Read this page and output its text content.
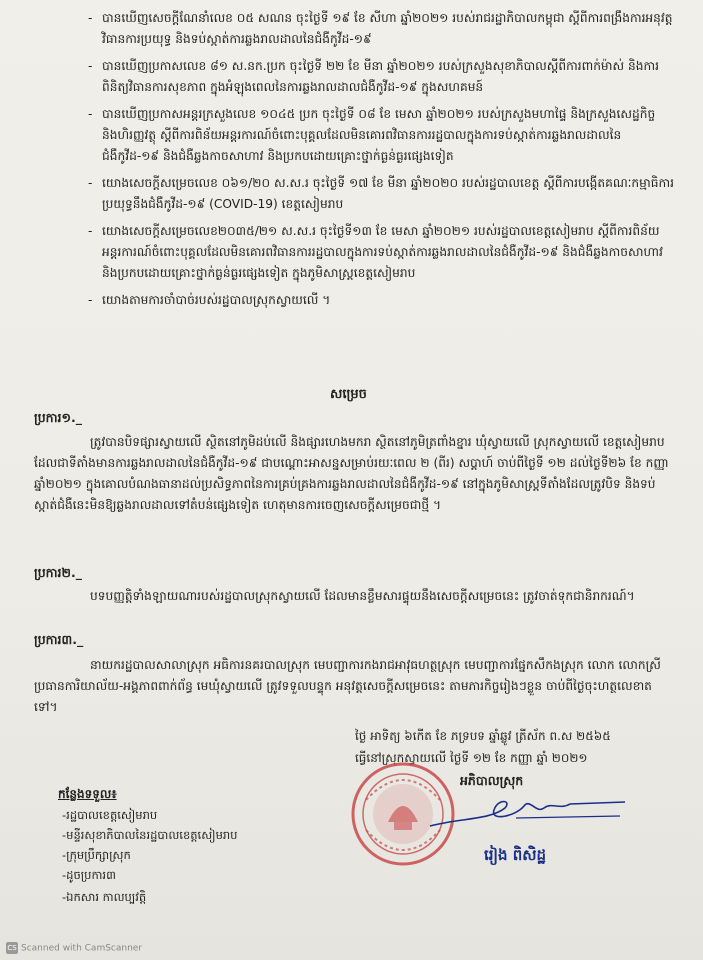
- បានឃើញសេចក្តីណែនាំលេខ ០៥ សណន ចុះថ្ងៃទី ១៩ ខែ សីហា ឆ្នាំ២០២១ របស់រាជរដ្ឋាភិបាលកម្ពុជា ស្តីពីការពង្រឹងការអនុវត្តវិធានការប្រយុទ្ធ និងទប់ស្កាត់ការឆ្លងរាលដាលនៃជំងឺកូវីដ-១៩
- បានឃើញប្រកាសលេខ ៨១ ស.នក.ប្រក ចុះថ្ងៃទី ២២ ខែ មីនា ឆ្នាំ២០២១ របស់ក្រសួងសុខាភិបាលស្តីពីការពាក់ម៉ាស់ និងការពិនិត្យវិធានការសុខភាព ក្នុងអំឡុងពេលនៃការឆ្លងរាលដាលជំងឺកូវីដ-១៩ ក្នុងសហគមន៍
- បានឃើញប្រកាសអន្តរក្រសួងលេខ ១០៤៥ ប្រក ចុះថ្ងៃទី ០៨ ខែ មេសា ឆ្នាំ២០២១ របស់ក្រសួងមហាផ្ទៃ និងក្រសួងសេដ្ឋកិច្ច និងហិរញ្ញវត្ថុ ស្តីពីការពិន័យអន្តរការណ៍ចំពោះបុគ្គលដែលមិនគោរពវិធានការរដ្ឋបាលក្នុងការទប់ស្កាត់ការឆ្លងរាលដាលនៃជំងឺកូវីដ-១៩ និងជំងឺឆ្លងកាចសាហាវ និងប្រកបដោយគ្រោះថ្នាក់ធ្ងន់ធ្ងរផ្សេងទៀត
- យោងសេចក្តីសម្រេចលេខ ០៦១/២០ ស.ស.រ ចុះថ្ងៃទី ១៧ ខែ មីនា ឆ្នាំ២០២០ របស់រដ្ឋបាលខេត្ត ស្តីពីការបង្កើតគណៈកម្មាធិការប្រយុទ្ធនឹងជំងឺកូវីដ-១៩ (COVID-19) ខេត្តសៀមរាប
- យោងសេចក្តីសម្រេចលេខ២០៣៥/២១ ស.ស.រ ចុះថ្ងៃទី១៣ ខែ មេសា ឆ្នាំ២០២១ របស់រដ្ឋបាលខេត្តសៀមរាប ស្តីពីការពិន័យអន្តរការណ៍ចំពោះបុគ្គលដែលមិនគោរពវិធានការរដ្ឋបាលក្នុងការទប់ស្កាត់ការឆ្លងរាលដាលនៃជំងឺកូវីដ-១៩ និងជំងឺឆ្លងកាចសាហាវ និងប្រកបដោយគ្រោះថ្នាក់ធ្ងន់ធ្ងរផ្សេងទៀត ក្នុងភូមិសាស្ត្រខេត្តសៀមរាប
- យោងតាមការចាំបាច់របស់រដ្ឋបាលស្រុកស្វាយលើ ។
សម្រេច
ប្រការ១._
ត្រូវបានបិទផ្សារស្វាយលើ ស្ថិតនៅភូមិដប់លើ និងផ្សារហេងមករា ស្ថិតនៅភូមិត្រពាំងខ្នារ ឃុំស្វាយលើ ស្រុកស្វាយលើ ខេត្តសៀមរាប ដែលជាទីតាំងមានការឆ្លងរាលដាលនៃជំងឺកូវីដ-១៩ ជាបណ្តោះអាសន្នសម្រាប់រយៈពេល ២ (ពីរ) សប្តាហ៍ ចាប់ពីថ្ងៃទី ១២ ដល់ថ្ងៃទី២៦ ខែ កញ្ញា ឆ្នាំ២០២១ ក្នុងគោលបំណងធានាដល់ប្រសិទ្ធភាពនៃការគ្រប់គ្រងការឆ្លងរាលដាលនៃជំងឺកូវីដ-១៩ នៅក្នុងភូមិសាស្ត្រទីតាំងដែលត្រូវបិទ និងទប់ស្កាត់ជំងឺនេះមិនឱ្យឆ្លងរាលដាលទៅតំបន់ផ្សេងទៀត ហេតុមានការចេញសេចក្តីសម្រេចជាថ្មី ។
ប្រការ២._
បទបញ្ញត្តិទាំងឡាយណារបស់រដ្ឋបាលស្រុកស្វាយលើ ដែលមានខ្លឹមសារផ្ទុយនឹងសេចក្តីសម្រេចនេះ ត្រូវចាត់ទុកជានិរាករណ៍។
ប្រការ៣._
នាយករដ្ឋបាលសាលាស្រុក អធិការនគរបាលស្រុក មេបញ្ជាការកងរាជអាវុធហត្ថស្រុក មេបញ្ជាការផ្នែកសឹកងស្រុក លោក លោកស្រី ប្រធានការិយាល័យ-អង្គភាពពាក់ព័ន្ធ មេឃុំស្វាយលើ ត្រូវទទួលបន្ទុក អនុវត្តសេចក្តីសម្រេចនេះ តាមភារកិច្ចរៀងៗខ្លួន ចាប់ពីថ្ងៃចុះហត្ថលេខាតទៅ។
ថ្ងៃ អាទិត្យ ៦កើត ខែ ភទ្របទ ឆ្នាំឆ្លូវ ត្រីស័ក ព.ស ២៥៦៥
ធ្វើនៅស្រុកស្វាយលើ ថ្ងៃទី ១២ ខែ កញ្ញា ឆ្នាំ ២០២១
អភិបាលស្រុក
រៀង ពិសិដ្ឋ
កន្លែងទទួល៖
-រដ្ឋបាលខេត្តសៀមរាប
-មន្ទីរសុខាភិបាលនៃរដ្ឋបាលខេត្តសៀមរាប
-ក្រុមប្រឹក្សាស្រុក
-ដូចប្រការ៣
-ឯកសារ កាលប្បវត្តិ
CS Scanned with CamScanner
